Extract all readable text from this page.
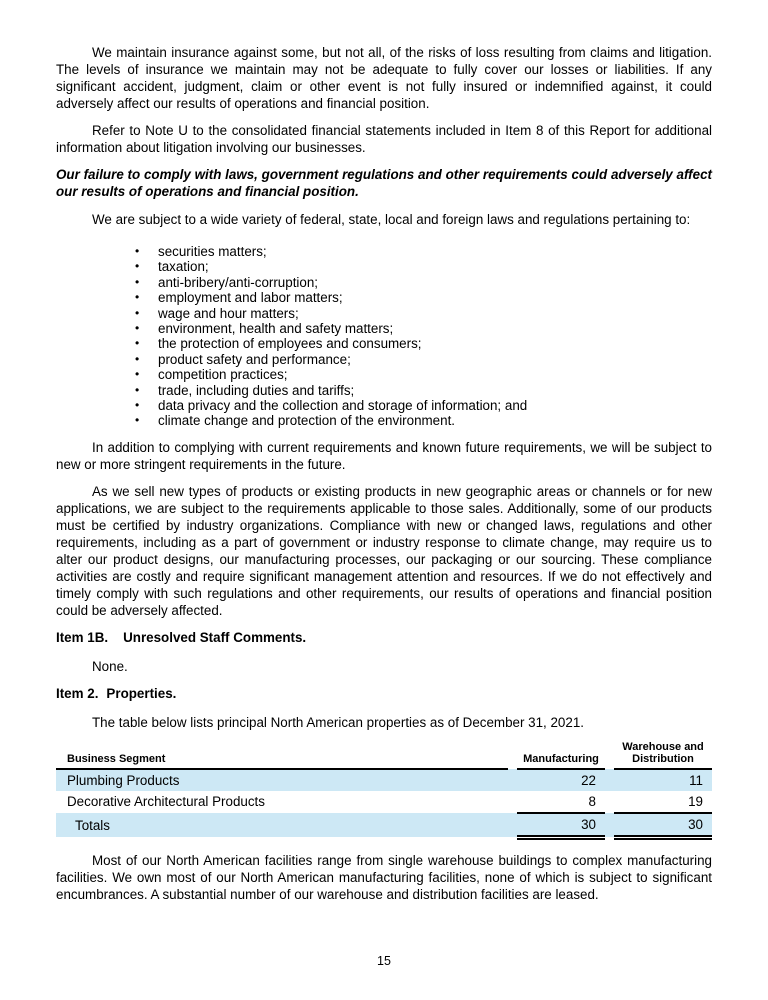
We maintain insurance against some, but not all, of the risks of loss resulting from claims and litigation. The levels of insurance we maintain may not be adequate to fully cover our losses or liabilities. If any significant accident, judgment, claim or other event is not fully insured or indemnified against, it could adversely affect our results of operations and financial position.

Refer to Note U to the consolidated financial statements included in Item 8 of this Report for additional information about litigation involving our businesses.

Our failure to comply with laws, government regulations and other requirements could adversely affect our results of operations and financial position.

We are subject to a wide variety of federal, state, local and foreign laws and regulations pertaining to:

• securities matters;
• taxation;
• anti-bribery/anti-corruption;
• employment and labor matters;
• wage and hour matters;
• environment, health and safety matters;
• the protection of employees and consumers;
• product safety and performance;
• competition practices;
• trade, including duties and tariffs;
• data privacy and the collection and storage of information; and
• climate change and protection of the environment.

In addition to complying with current requirements and known future requirements, we will be subject to new or more stringent requirements in the future.

As we sell new types of products or existing products in new geographic areas or channels or for new applications, we are subject to the requirements applicable to those sales. Additionally, some of our products must be certified by industry organizations. Compliance with new or changed laws, regulations and other requirements, including as a part of government or industry response to climate change, may require us to alter our product designs, our manufacturing processes, our packaging or our sourcing. These compliance activities are costly and require significant management attention and resources. If we do not effectively and timely comply with such regulations and other requirements, our results of operations and financial position could be adversely affected.

Item 1B. Unresolved Staff Comments.

None.

Item 2. Properties.

The table below lists principal North American properties as of December 31, 2021.

Business Segment		Manufacturing		Warehouse and
Distribution

Plumbing Products		22		11
Decorative Architectural Products		8		19
Totals		30		30

Most of our North American facilities range from single warehouse buildings to complex manufacturing facilities. We own most of our North American manufacturing facilities, none of which is subject to significant encumbrances. A substantial number of our warehouse and distribution facilities are leased.

15
